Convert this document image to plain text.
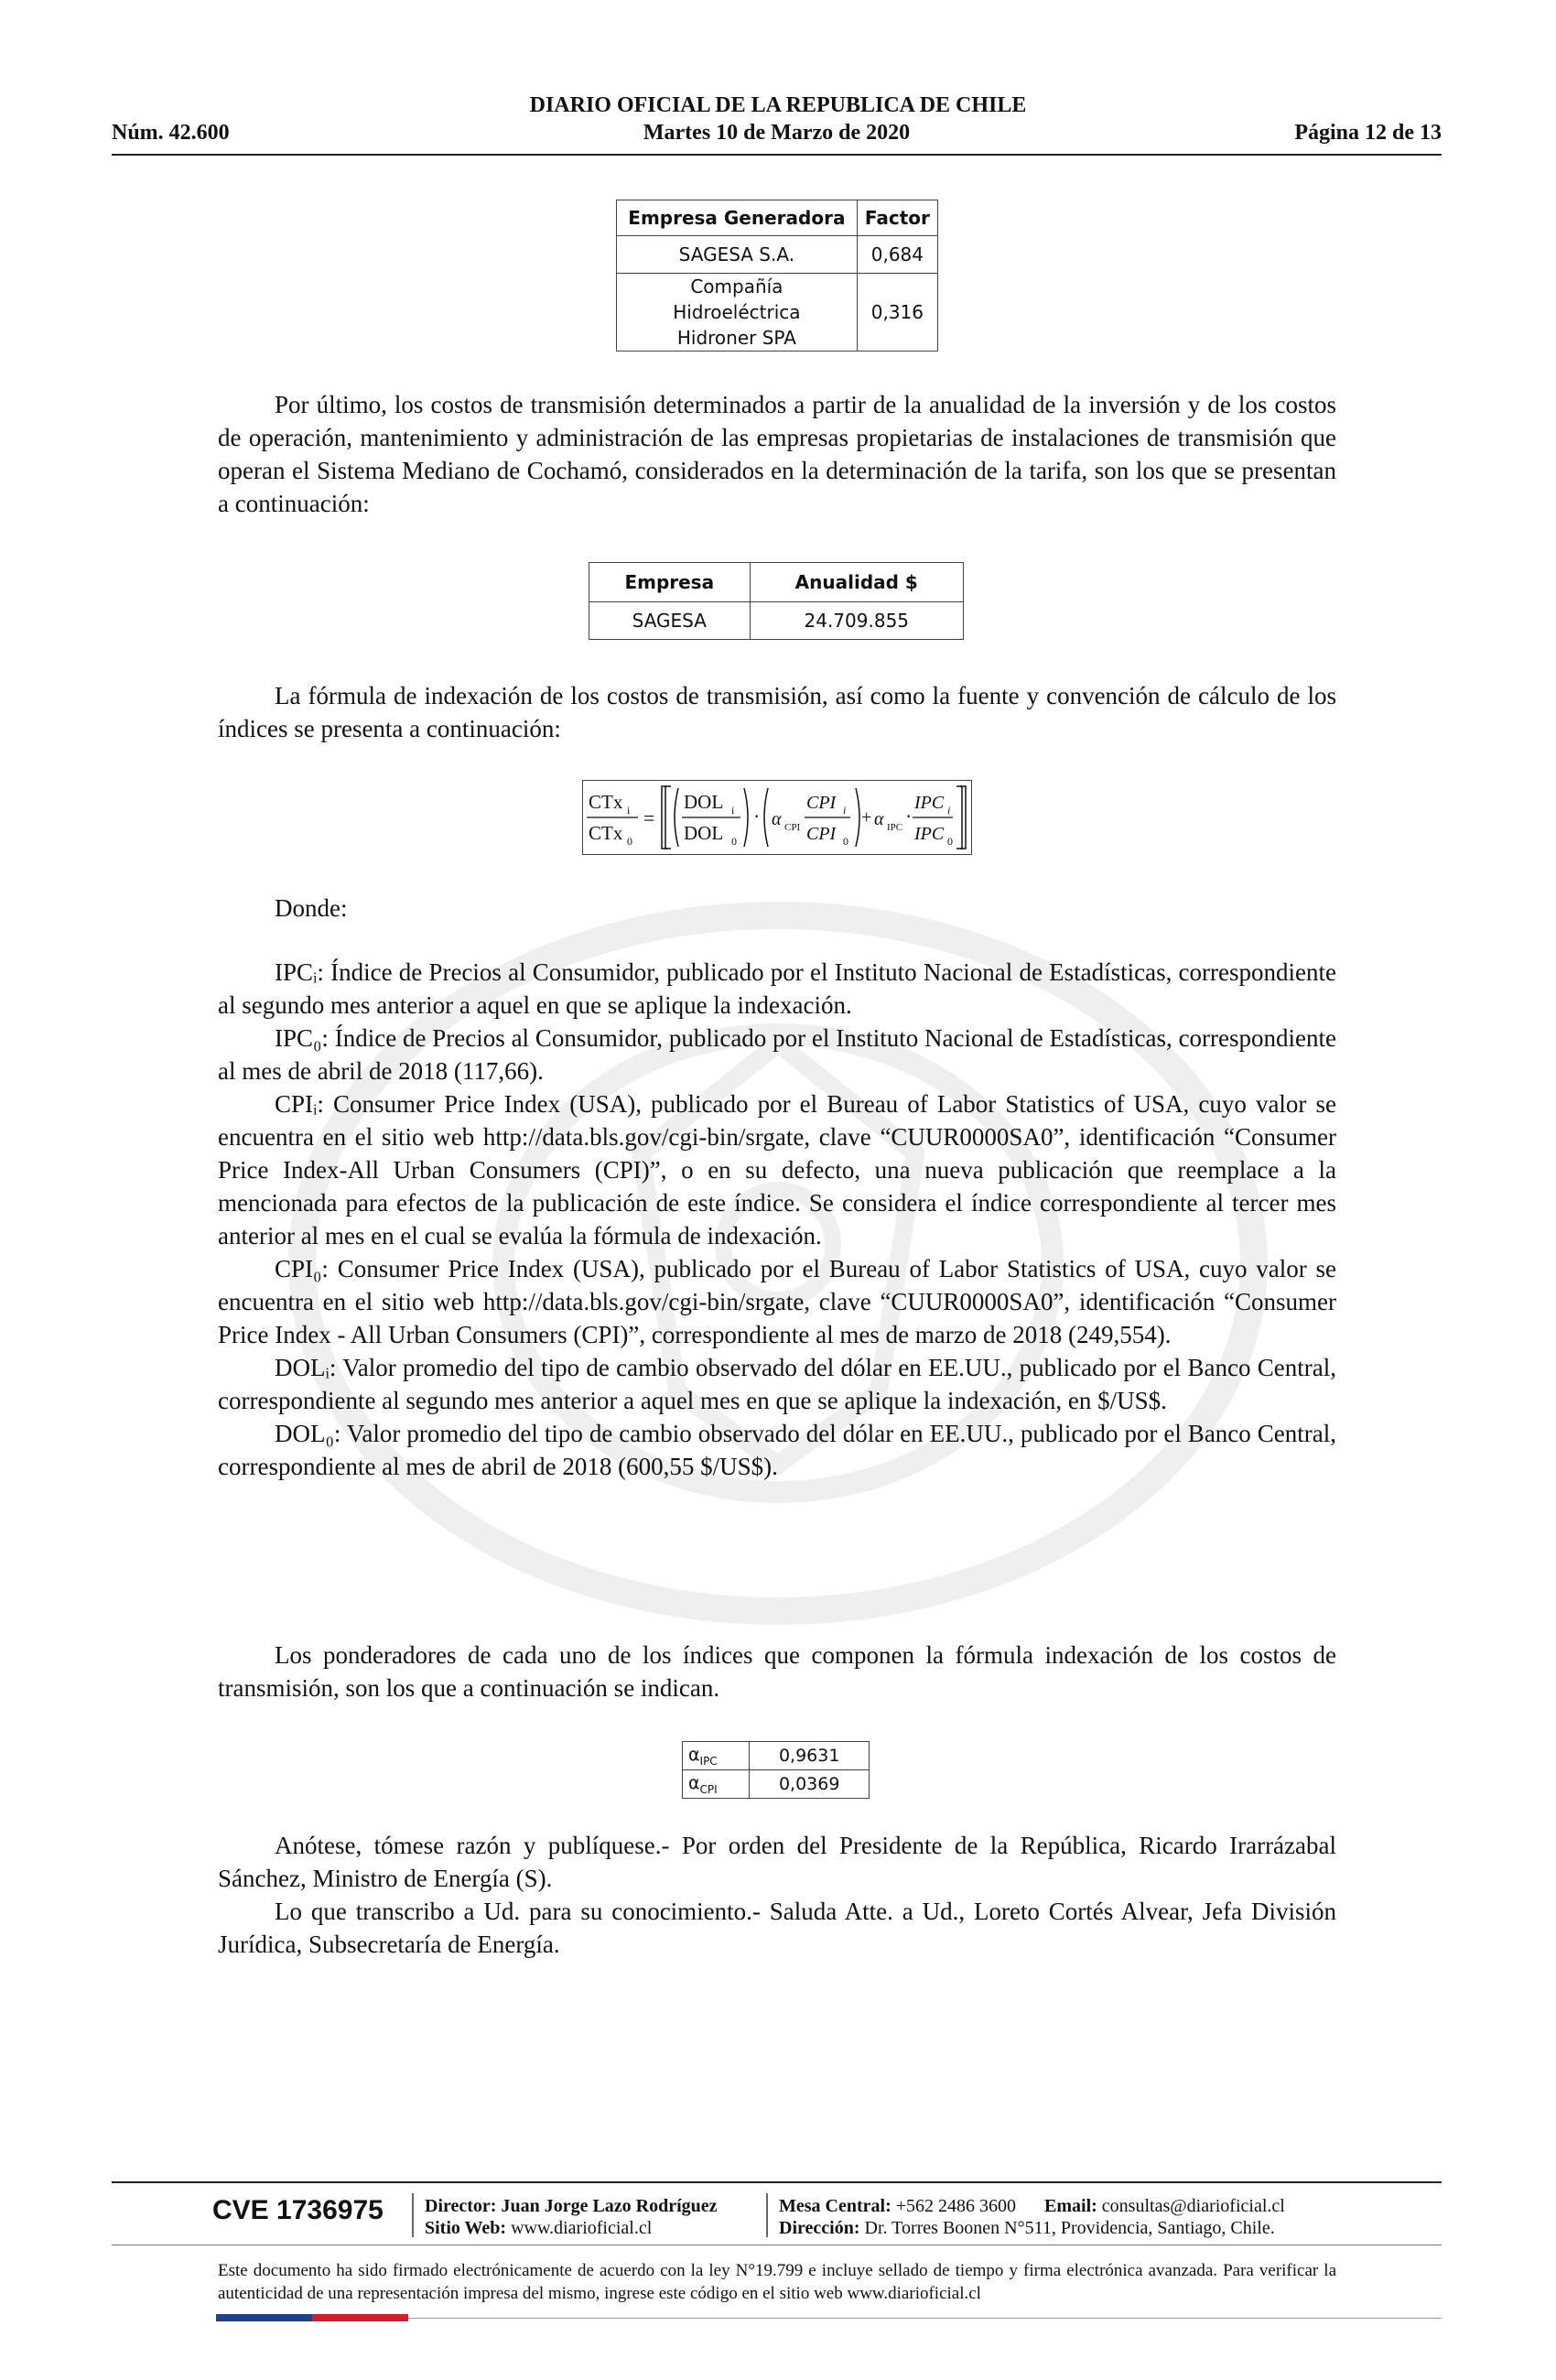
DIARIO OFICIAL DE LA REPUBLICA DE CHILE
Núm. 42.600	Martes 10 de Marzo de 2020	Página 12 de 13
Empresa Generadora	Factor
SAGESA S.A.	0,684
Compañía
Hidroeléctrica
Hidroner SPA	0,316
Por último, los costos de transmisión determinados a partir de la anualidad de la inversión y de los costos de operación, mantenimiento y administración de las empresas propietarias de instalaciones de transmisión que operan el Sistema Mediano de Cochamó, considerados en la determinación de la tarifa, son los que se presentan a continuación:
Empresa	Anualidad $
SAGESA	24.709.855
La fórmula de indexación de los costos de transmisión, así como la fuente y convención de cálculo de los índices se presenta a continuación:
CTx i
CTx 0
=
DOL i
DOL 0
· α CPI
CPI i
CPI 0
+ α IPC ·
IPC i
IPC 0
Donde:

IPCᵢ: Índice de Precios al Consumidor, publicado por el Instituto Nacional de Estadísticas, correspondiente al segundo mes anterior a aquel en que se aplique la indexación.

IPC₀: Índice de Precios al Consumidor, publicado por el Instituto Nacional de Estadísticas, correspondiente al mes de abril de 2018 (117,66).

CPIᵢ: Consumer Price Index (USA), publicado por el Bureau of Labor Statistics of USA, cuyo valor se encuentra en el sitio web http://data.bls.gov/cgi-bin/srgate, clave “CUUR0000SA0”, identificación “Consumer Price Index‑All Urban Consumers (CPI)”, o en su defecto, una nueva publicación que reemplace a la mencionada para efectos de la publicación de este índice. Se considera el índice correspondiente al tercer mes anterior al mes en el cual se evalúa la fórmula de indexación.

CPI₀: Consumer Price Index (USA), publicado por el Bureau of Labor Statistics of USA, cuyo valor se encuentra en el sitio web http://data.bls.gov/cgi-bin/srgate, clave “CUUR0000SA0”, identificación “Consumer Price Index ‑ All Urban Consumers (CPI)”, correspondiente al mes de marzo de 2018 (249,554).

DOLᵢ: Valor promedio del tipo de cambio observado del dólar en EE.UU., publicado por el Banco Central, correspondiente al segundo mes anterior a aquel mes en que se aplique la indexación, en $/US$.

DOL₀: Valor promedio del tipo de cambio observado del dólar en EE.UU., publicado por el Banco Central, correspondiente al mes de abril de 2018 (600,55 $/US$).

Los ponderadores de cada uno de los índices que componen la fórmula indexación de los costos de transmisión, son los que a continuación se indican.
$\alpha_{IPC}$	0,9631
$\alpha_{CPI}$	0,0369

Anótese, tómese razón y publíquese.- Por orden del Presidente de la República, Ricardo Irarrázabal Sánchez, Ministro de Energía (S).

Lo que transcribo a Ud. para su conocimiento.- Saluda Atte. a Ud., Loreto Cortés Alvear, Jefa División Jurídica, Subsecretaría de Energía.

CVE 1736975 Director: Juan Jorge Lazo Rodríguez
Sitio Web: www.diarioficial.cl
Mesa Central: +562 2486 3600 Email: consultas@diarioficial.cl
Dirección: Dr. Torres Boonen N°511, Providencia, Santiago, Chile.
Este documento ha sido firmado electrónicamente de acuerdo con la ley N°19.799 e incluye sellado de tiempo y firma electrónica avanzada. Para verificar la autenticidad de una representación impresa del mismo, ingrese este código en el sitio web www.diarioficial.cl
